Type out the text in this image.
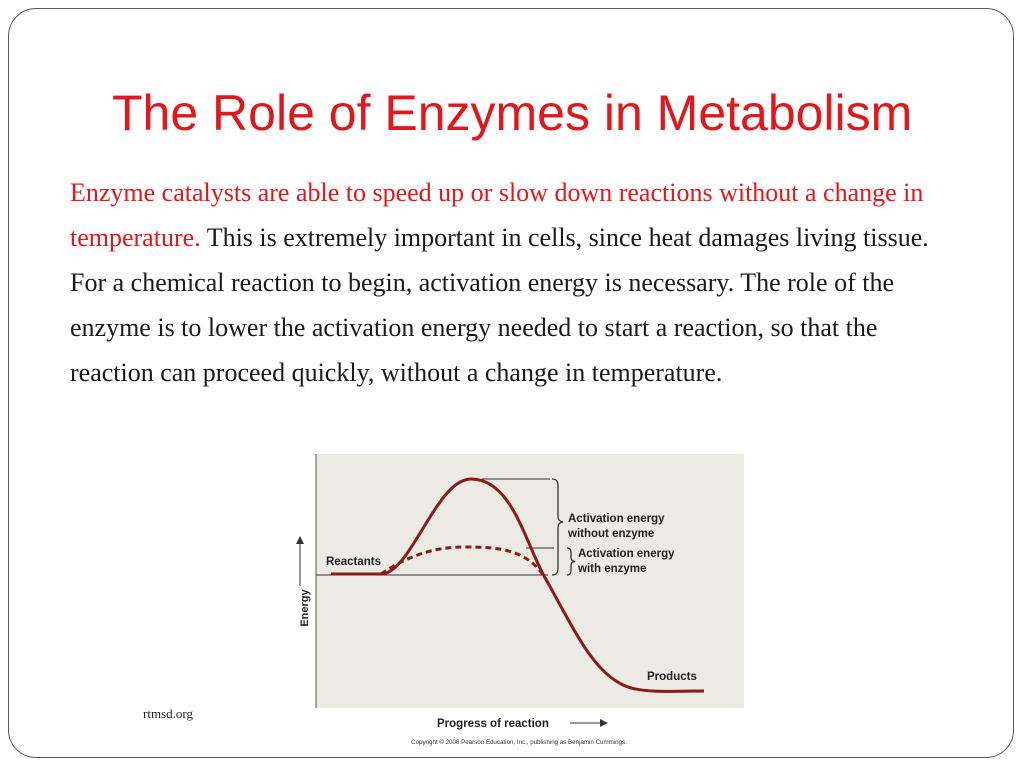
The Role of Enzymes in Metabolism
Enzyme catalysts are able to speed up or slow down reactions without a change in temperature. This is extremely important in cells, since heat damages living tissue. For a chemical reaction to begin, activation energy is necessary. The role of the enzyme is to lower the activation energy needed to start a reaction, so that the reaction can proceed quickly, without a change in temperature.
Energy
Reactants
Products
Activation energy
without enzyme
Activation energy
with enzyme
Progress of reaction
Copyright © 2006 Pearson Education, Inc., publishing as Benjamin Cummings.
rtmsd.org
